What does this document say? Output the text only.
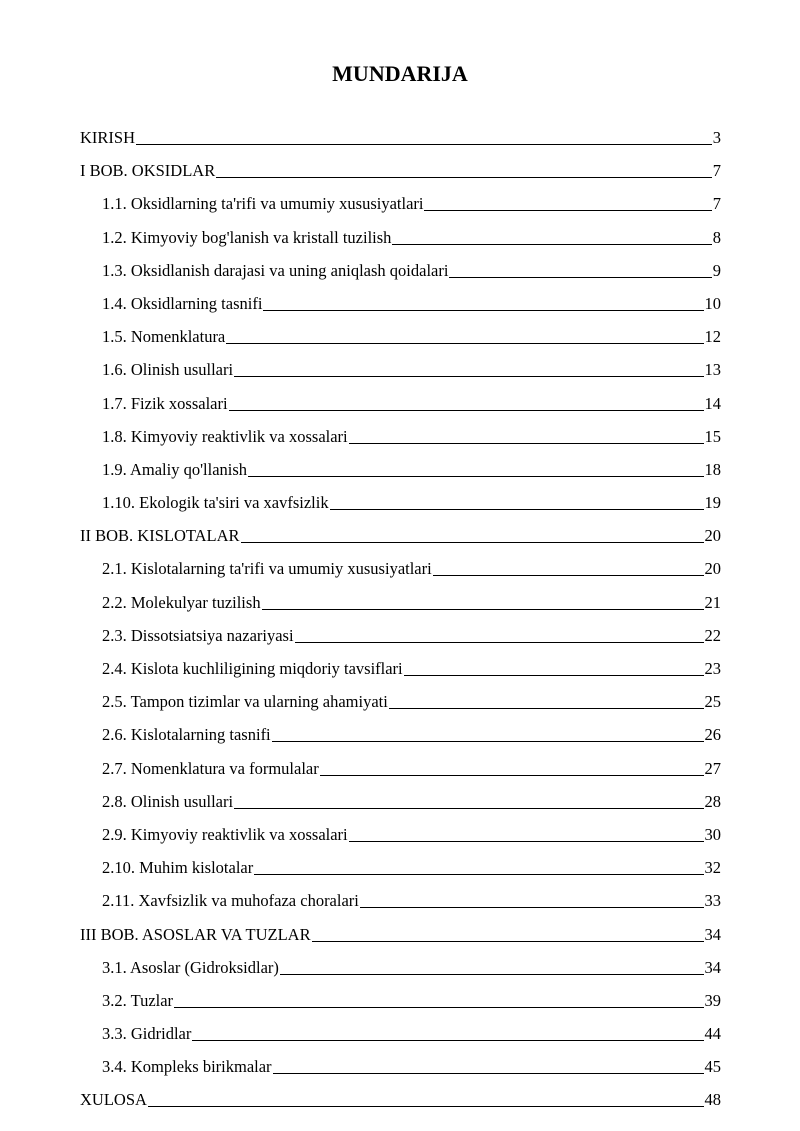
MUNDARIJA
KIRISH	3
I BOB. OKSIDLAR	7
1.1. Oksidlarning ta'rifi va umumiy xususiyatlari	7
1.2. Kimyoviy bog'lanish va kristall tuzilish	8
1.3. Oksidlanish darajasi va uning aniqlash qoidalari	9
1.4. Oksidlarning tasnifi	10
1.5. Nomenklatura	12
1.6. Olinish usullari	13
1.7. Fizik xossalari	14
1.8. Kimyoviy reaktivlik va xossalari	15
1.9. Amaliy qo'llanish	18
1.10. Ekologik ta'siri va xavfsizlik	19
II BOB. KISLOTALAR	20
2.1. Kislotalarning ta'rifi va umumiy xususiyatlari	20
2.2. Molekulyar tuzilish	21
2.3. Dissotsiatsiya nazariyasi	22
2.4. Kislota kuchliligining miqdoriy tavsiflari	23
2.5. Tampon tizimlar va ularning ahamiyati	25
2.6. Kislotalarning tasnifi	26
2.7. Nomenklatura va formulalar	27
2.8. Olinish usullari	28
2.9. Kimyoviy reaktivlik va xossalari	30
2.10. Muhim kislotalar	32
2.11. Xavfsizlik va muhofaza choralari	33
III BOB. ASOSLAR VA TUZLAR	34
3.1. Asoslar (Gidroksidlar)	34
3.2. Tuzlar	39
3.3. Gidridlar	44
3.4. Kompleks birikmalar	45
XULOSA	48
